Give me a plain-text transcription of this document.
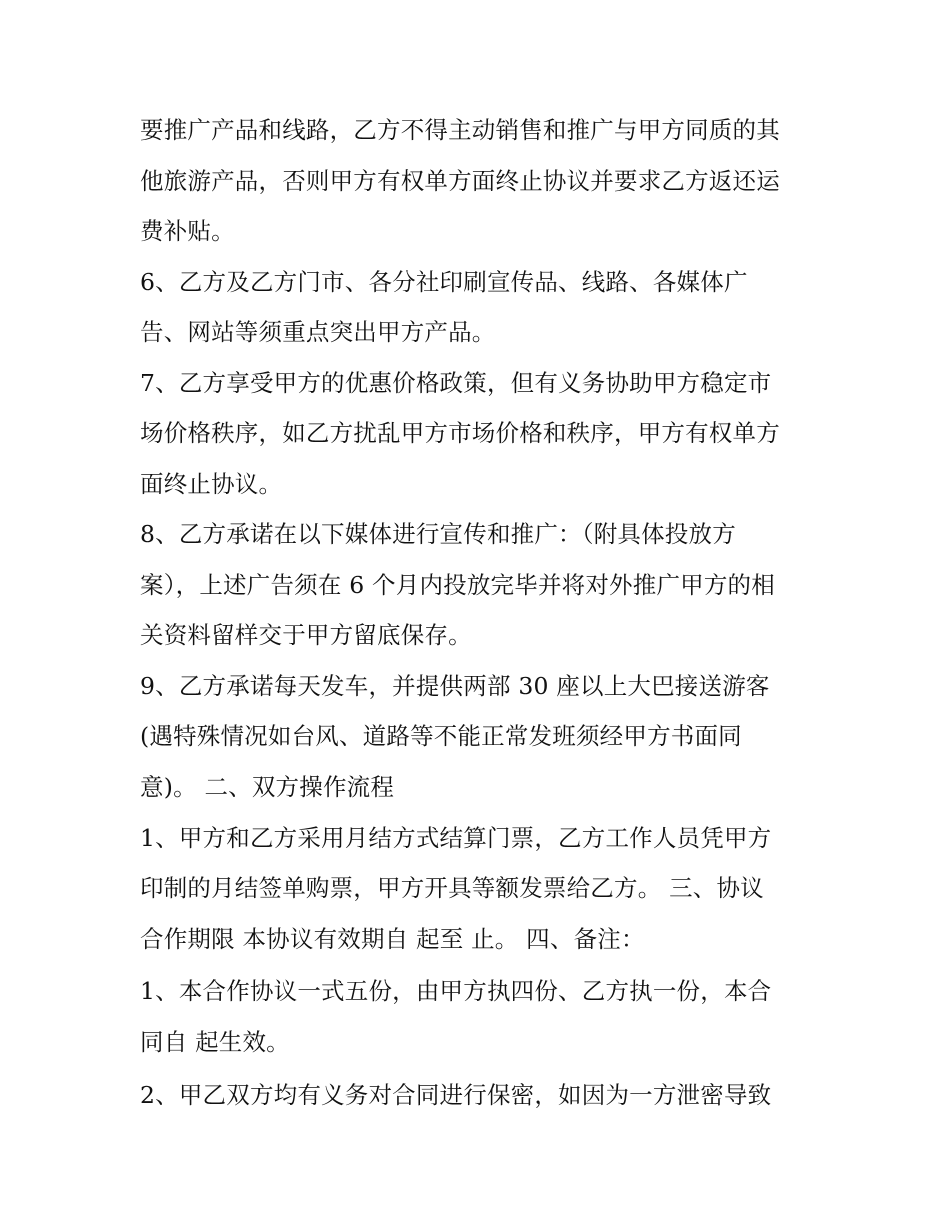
要推广产品和线路，乙方不得主动销售和推广与甲方同质的其
他旅游产品，否则甲方有权单方面终止协议并要求乙方返还运
费补贴。
6、乙方及乙方门市、各分社印刷宣传品、线路、各媒体广
告、网站等须重点突出甲方产品。
7、乙方享受甲方的优惠价格政策，但有义务协助甲方稳定市
场价格秩序，如乙方扰乱甲方市场价格和秩序，甲方有权单方
面终止协议。
8、乙方承诺在以下媒体进行宣传和推广：（附具体投放方
案），上述广告须在 6 个月内投放完毕并将对外推广甲方的相
关资料留样交于甲方留底保存。
9、乙方承诺每天发车，并提供两部 30 座以上大巴接送游客
(遇特殊情况如台风、道路等不能正常发班须经甲方书面同
意)。 二、双方操作流程
1、甲方和乙方采用月结方式结算门票，乙方工作人员凭甲方
印制的月结签单购票，甲方开具等额发票给乙方。 三、协议
合作期限 本协议有效期自 起至 止。 四、备注：
1、本合作协议一式五份，由甲方执四份、乙方执一份，本合
同自 起生效。
2、甲乙双方均有义务对合同进行保密，如因为一方泄密导致
